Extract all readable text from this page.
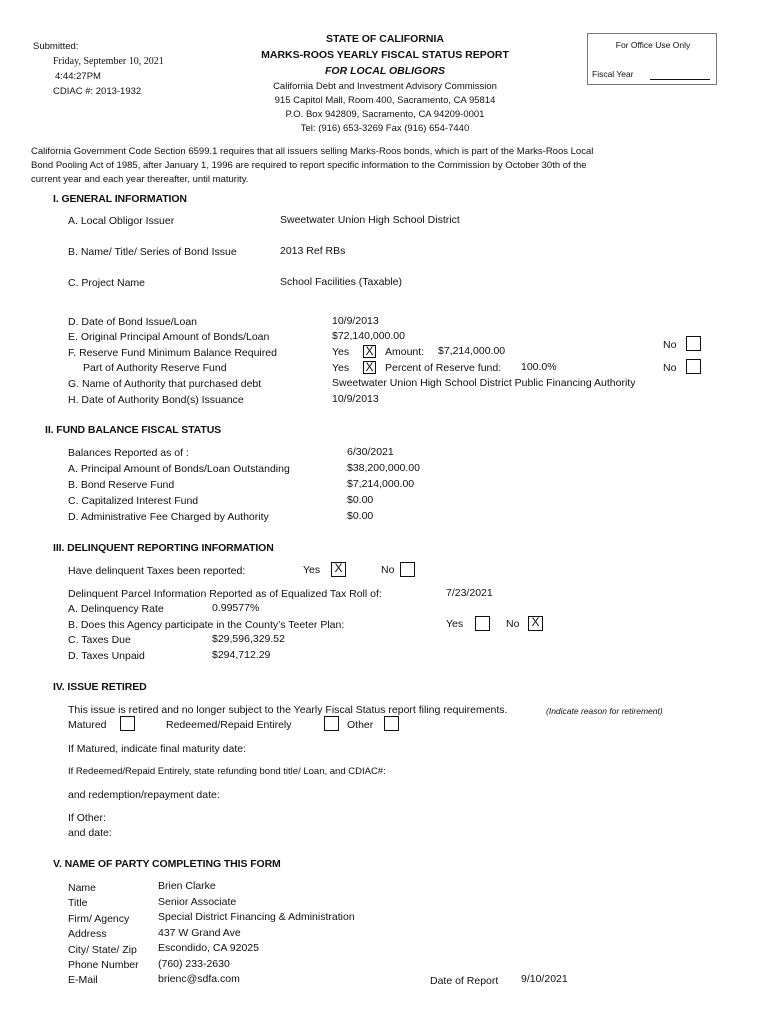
Submitted:
Friday, September 10, 2021
4:44:27PM
CDIAC #: 2013-1932
STATE OF CALIFORNIA
MARKS-ROOS YEARLY FISCAL STATUS REPORT
FOR LOCAL OBLIGORS
California Debt and Investment Advisory Commission
915 Capitol Mall, Room 400, Sacramento, CA 95814
P.O. Box 942809, Sacramento, CA 94209-0001
Tel: (916) 653-3269 Fax (916) 654-7440
For Office Use Only
Fiscal Year
California Government Code Section 6599.1 requires that all issuers selling Marks-Roos bonds, which is part of the Marks-Roos Local
Bond Pooling Act of 1985, after January 1, 1996 are required to report specific information to the Commission by October 30th of the
current year and each year thereafter, until maturity.
I. GENERAL INFORMATION
A. Local Obligor Issuer	Sweetwater Union High School District
B. Name/ Title/ Series of Bond Issue	2013 Ref RBs
C. Project Name	School Facilities (Taxable)
D. Date of Bond Issue/Loan	10/9/2013
E. Original Principal Amount of Bonds/Loan	$72,140,000.00
F. Reserve Fund Minimum Balance Required	Yes X Amount: $7,214,000.00	No
Part of Authority Reserve Fund	Yes X Percent of Reserve fund: 100.0%	No
G. Name of Authority that purchased debt	Sweetwater Union High School District Public Financing Authority
H. Date of Authority Bond(s) Issuance	10/9/2013
II. FUND BALANCE FISCAL STATUS
Balances Reported as of :	6/30/2021
A. Principal Amount of Bonds/Loan Outstanding	$38,200,000.00
B. Bond Reserve Fund	$7,214,000.00
C. Capitalized Interest Fund	$0.00
D. Administrative Fee Charged by Authority	$0.00
III. DELINQUENT REPORTING INFORMATION
Have delinquent Taxes been reported:	Yes X	No
Delinquent Parcel Information Reported as of Equalized Tax Roll of:	7/23/2021
A. Delinquency Rate	0.99577%
B. Does this Agency participate in the County’s Teeter Plan:	Yes	No X
C. Taxes Due	$29,596,329.52
D. Taxes Unpaid	$294,712.29
IV. ISSUE RETIRED
This issue is retired and no longer subject to the Yearly Fiscal Status report filing requirements.	(Indicate reason for retirement)
Matured	Redeemed/Repaid Entirely	Other
If Matured, indicate final maturity date:
If Redeemed/Repaid Entirely, state refunding bond title/ Loan, and CDIAC#:
and redemption/repayment date:
If Other:
and date:
V. NAME OF PARTY COMPLETING THIS FORM
Name	Brien Clarke
Title	Senior Associate
Firm/ Agency	Special District Financing & Administration
Address	437 W Grand Ave
City/ State/ Zip Escondido, CA 92025
Phone Number (760) 233-2630
E-Mail	brienc@sdfa.com	Date of Report 9/10/2021
